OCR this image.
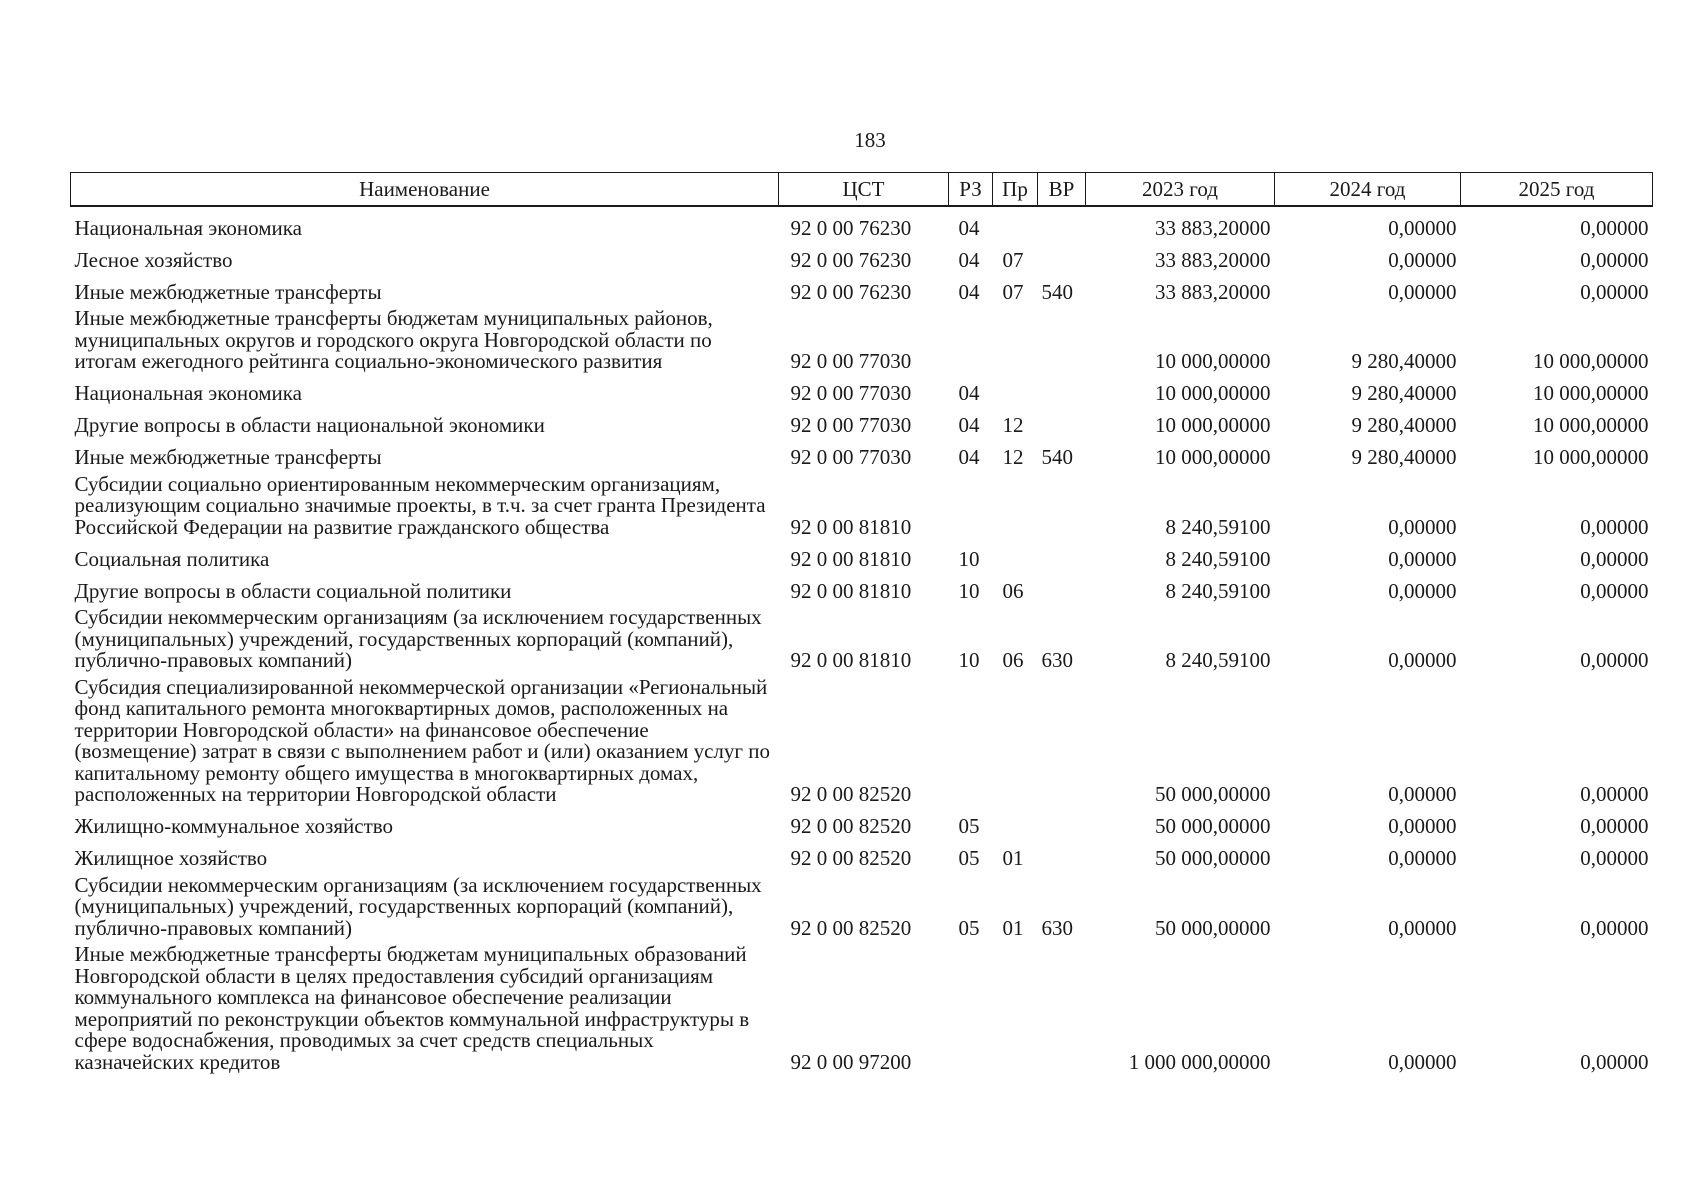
183
Наименование	ЦСТ	РЗ	Пр	ВР	2023 год	2024 год	2025 год
Национальная экономика	92 0 00 76230	04			33 883,20000	0,00000	0,00000
Лесное хозяйство	92 0 00 76230	04	07		33 883,20000	0,00000	0,00000
Иные межбюджетные трансферты	92 0 00 76230	04	07	540	33 883,20000	0,00000	0,00000
Иные межбюджетные трансферты бюджетам муниципальных районов, муниципальных округов и городского округа Новгородской области по итогам ежегодного рейтинга социально-экономического развития	92 0 00 77030				10 000,00000	9 280,40000	10 000,00000
Национальная экономика	92 0 00 77030	04			10 000,00000	9 280,40000	10 000,00000
Другие вопросы в области национальной экономики	92 0 00 77030	04	12		10 000,00000	9 280,40000	10 000,00000
Иные межбюджетные трансферты	92 0 00 77030	04	12	540	10 000,00000	9 280,40000	10 000,00000
Субсидии социально ориентированным некоммерческим организациям, реализующим социально значимые проекты, в т.ч. за счет гранта Президента Российской Федерации на развитие гражданского общества	92 0 00 81810				8 240,59100	0,00000	0,00000
Социальная политика	92 0 00 81810	10			8 240,59100	0,00000	0,00000
Другие вопросы в области социальной политики	92 0 00 81810	10	06		8 240,59100	0,00000	0,00000
Субсидии некоммерческим организациям (за исключением государственных (муниципальных) учреждений, государственных корпораций (компаний), публично-правовых компаний)	92 0 00 81810	10	06	630	8 240,59100	0,00000	0,00000
Субсидия специализированной некоммерческой организации «Региональный фонд капитального ремонта многоквартирных домов, расположенных на территории Новгородской области» на финансовое обеспечение (возмещение) затрат в связи с выполнением работ и (или) оказанием услуг по капитальному ремонту общего имущества в многоквартирных домах, расположенных на территории Новгородской области	92 0 00 82520				50 000,00000	0,00000	0,00000
Жилищно-коммунальное хозяйство	92 0 00 82520	05			50 000,00000	0,00000	0,00000
Жилищное хозяйство	92 0 00 82520	05	01		50 000,00000	0,00000	0,00000
Субсидии некоммерческим организациям (за исключением государственных (муниципальных) учреждений, государственных корпораций (компаний), публично-правовых компаний)	92 0 00 82520	05	01	630	50 000,00000	0,00000	0,00000
Иные межбюджетные трансферты бюджетам муниципальных образований Новгородской области в целях предоставления субсидий организациям коммунального комплекса на финансовое обеспечение реализации мероприятий по реконструкции объектов коммунальной инфраструктуры в сфере водоснабжения, проводимых за счет средств специальных казначейских кредитов	92 0 00 97200				1 000 000,00000	0,00000	0,00000
